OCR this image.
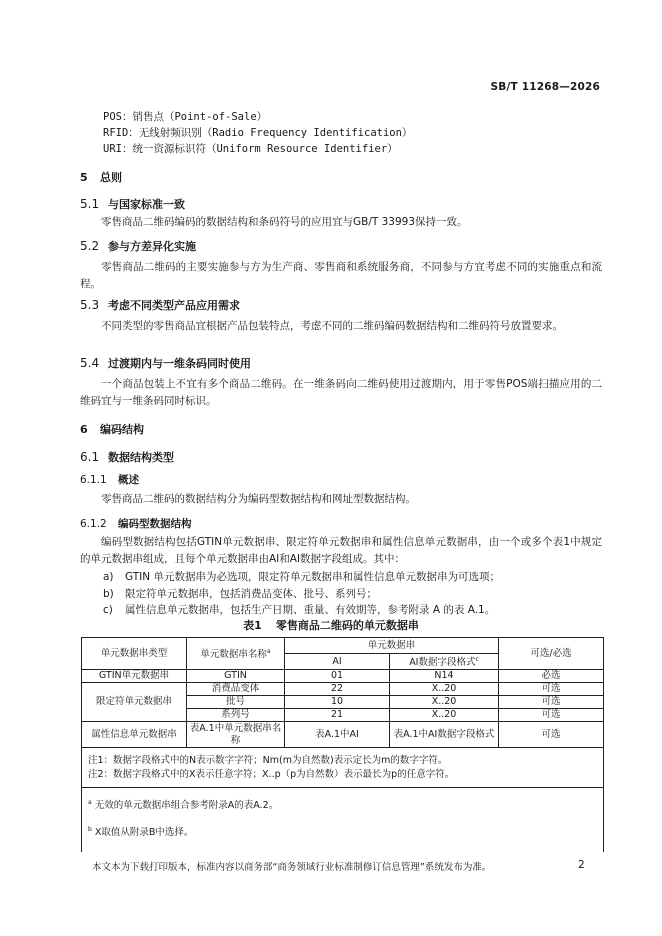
SB/T 11268—2026
POS：销售点（Point-of-Sale）
RFID：无线射频识别（Radio Frequency Identification）
URI：统一资源标识符（Uniform Resource Identifier）
5 总则
5.1 与国家标准一致
零售商品二维码编码的数据结构和条码符号的应用宜与GB/T 33993保持一致。
5.2 参与方差异化实施
零售商品二维码的主要实施参与方为生产商、零售商和系统服务商，不同参与方宜考虑不同的实施重点和流程。
5.3 考虑不同类型产品应用需求
不同类型的零售商品宜根据产品包装特点，考虑不同的二维码编码数据结构和二维码符号放置要求。
5.4 过渡期内与一维条码同时使用
一个商品包装上不宜有多个商品二维码。在一维条码向二维码使用过渡期内，用于零售POS端扫描应用的二维码宜与一维条码同时标识。
6 编码结构
6.1 数据结构类型
6.1.1 概述
零售商品二维码的数据结构分为编码型数据结构和网址型数据结构。
6.1.2 编码型数据结构
编码型数据结构包括GTIN单元数据串、限定符单元数据串和属性信息单元数据串，由一个或多个表1中规定的单元数据串组成，且每个单元数据串由AI和AI数据字段组成。其中：
a) GTIN 单元数据串为必选项，限定符单元数据串和属性信息单元数据串为可选项；
b) 限定符单元数据串，包括消费品变体、批号、系列号；
c) 属性信息单元数据串，包括生产日期、重量、有效期等，参考附录 A 的表 A.1。
表1 零售商品二维码的单元数据串
单元数据串类型	单元数据串名称$^a$	单元数据串		可选/必选
		AI	AI数据字段格式$^c$
GTIN单元数据串	GTIN	01	N14	必选
限定符单元数据串	消费品变体	22	X..20	可选
	批号	10	X..20	可选
	系列号	21	X..20	可选
属性信息单元数据串	表A.1中单元数据串名称	表A.1中AI	表A.1中AI数据字段格式	可选

注1：数据字段格式中的N表示数字字符；Nm(m为自然数)表示定长为m的数字字符。
注2：数据字段格式中的X表示任意字符；X..p（p为自然数）表示最长为p的任意字符。				

$^a$ 无效的单元数据串组合参考附录A的表A.2。
$^b$ X取值从附录B中选择。				
本文本为下载打印版本，标准内容以商务部“商务领域行业标准制修订信息管理”系统发布为准。	2
